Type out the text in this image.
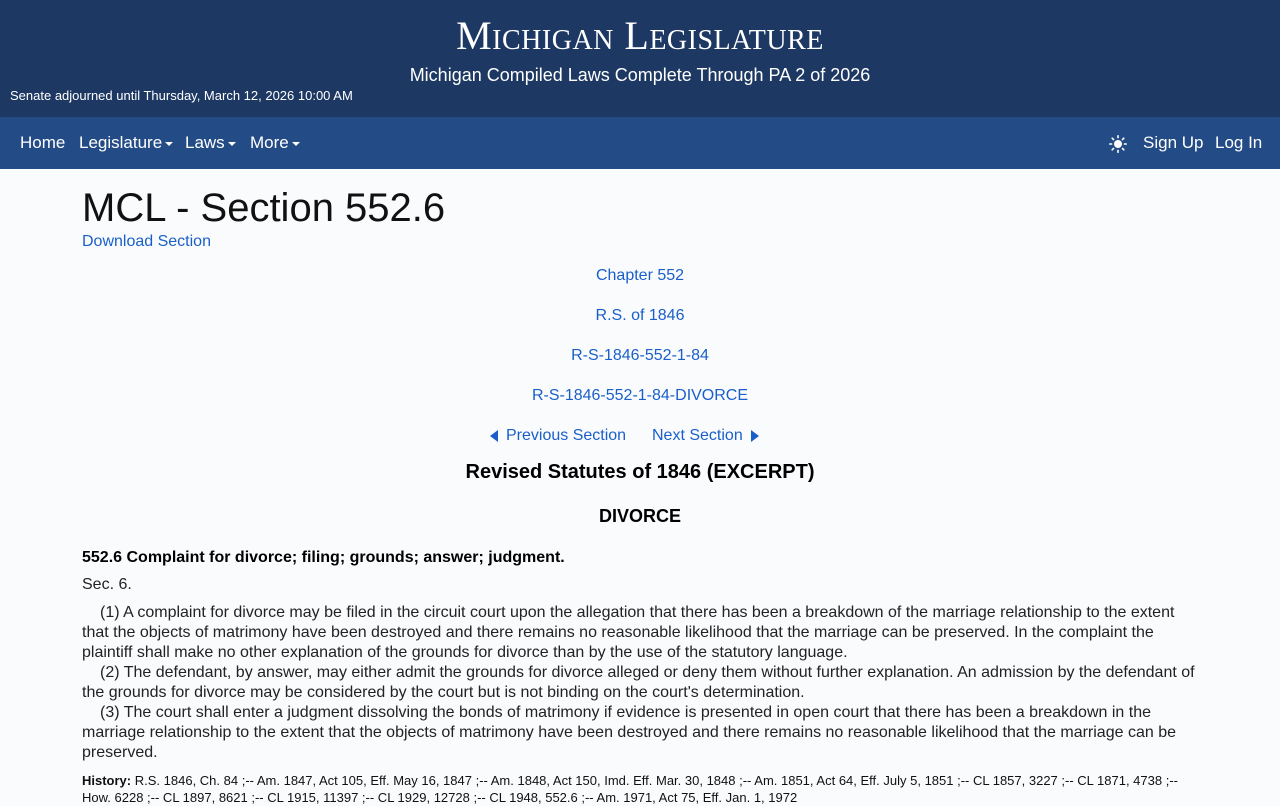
Michigan Legislature
Michigan Compiled Laws Complete Through PA 2 of 2026
Senate adjourned until Thursday, March 12, 2026 10:00 AM
Home Legislature	Laws	More	Sign Up Log In
MCL - Section 552.6
Download Section
Chapter 552
R.S. of 1846
R-S-1846-552-1-84
R-S-1846-552-1-84-DIVORCE
Previous Section Next Section
Revised Statutes of 1846 (EXCERPT)
DIVORCE
552.6 Complaint for divorce; filing; grounds; answer; judgment.
Sec. 6.

(1) A complaint for divorce may be filed in the circuit court upon the allegation that there has been a breakdown of the marriage relationship to the extent that the objects of matrimony have been destroyed and there remains no reasonable likelihood that the marriage can be preserved. In the complaint the plaintiff shall make no other explanation of the grounds for divorce than by the use of the statutory language.

(2) The defendant, by answer, may either admit the grounds for divorce alleged or deny them without further explanation. An admission by the defendant of the grounds for divorce may be considered by the court but is not binding on the court's determination.

(3) The court shall enter a judgment dissolving the bonds of matrimony if evidence is presented in open court that there has been a breakdown in the marriage relationship to the extent that the objects of matrimony have been destroyed and there remains no reasonable likelihood that the marriage can be preserved.

History: R.S. 1846, Ch. 84 ;-- Am. 1847, Act 105, Eff. May 16, 1847 ;-- Am. 1848, Act 150, Imd. Eff. Mar. 30, 1848 ;-- Am. 1851, Act 64, Eff. July 5, 1851 ;-- CL 1857, 3227 ;-- CL 1871, 4738 ;-- How. 6228 ;-- CL 1897, 8621 ;-- CL 1915, 11397 ;-- CL 1929, 12728 ;-- CL 1948, 552.6 ;-- Am. 1971, Act 75, Eff. Jan. 1, 1972
